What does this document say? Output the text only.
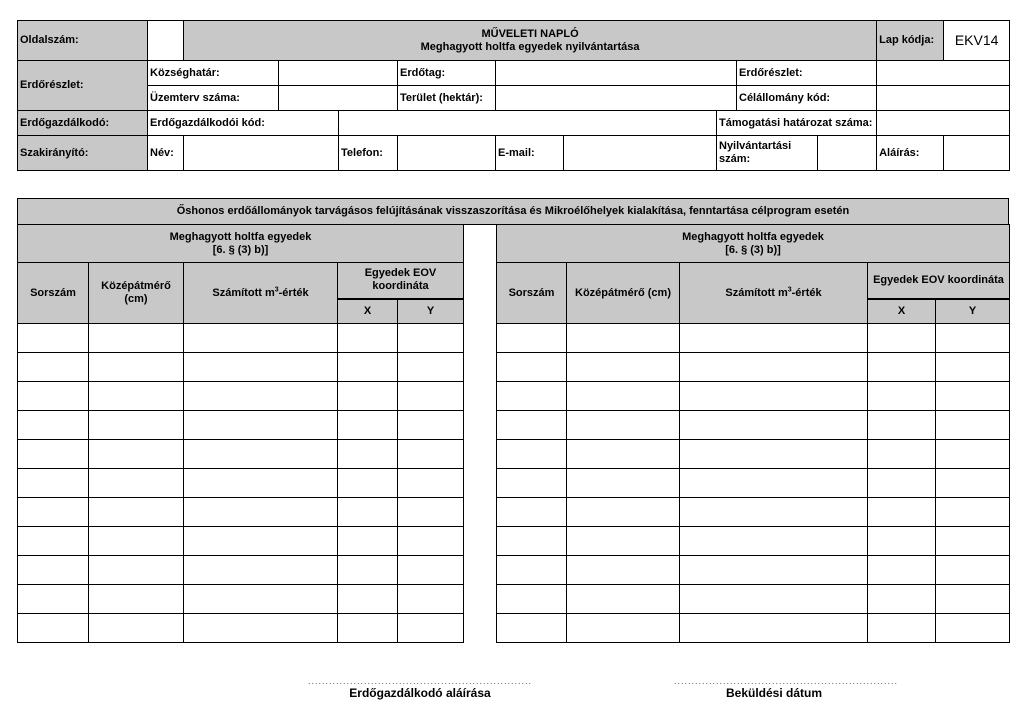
Oldalszám:		MŰVELETI NAPLÓ
Meghagyott holtfa egyedek nyilvántartása									Lap kódja:	EKV14
Erdőrészlet:	Községhatár:				Erdőtag:				Erdőrészlet:			
	Üzemterv száma:				Terület (hektár):				Célállomány kód:			
Erdőgazdálkodó:	Erdőgazdálkodói kód:							Támogatási határozat száma:				
Szakirányító:	Név:			Telefon:		E-mail:		Nyilvántartási szám:			Aláírás:	
Őshonos erdőállományok tarvágásos felújításának visszaszorítása és Mikroélőhelyek kialakítása, fenntartása célprogram esetén
Meghagyott holtfa egyedek
[6. § (3) b)]				

Sorszám	Középátmérő (cm)	Számított $m^3$-érték	Egyedek EOV koordináta	
			X	Y

Meghagyott holtfa egyedek
[6. § (3) b)]				

Sorszám	Középátmérő (cm)	Számított $m^3$-érték	Egyedek EOV koordináta	
			X	Y

................................................................
Erdőgazdálkodó aláírása
................................................................
Beküldési dátum
